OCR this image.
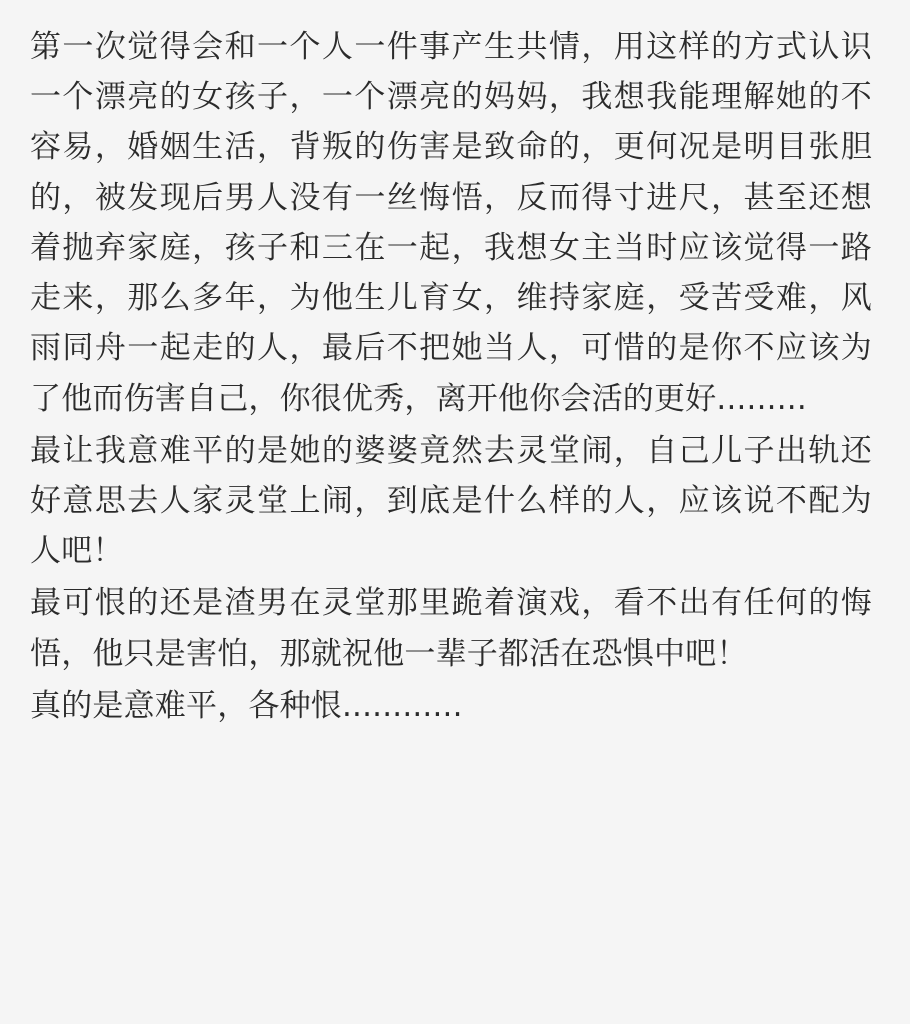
第一次觉得会和一个人一件事产生共情，用这样的方式认识一个漂亮的女孩子，一个漂亮的妈妈，我想我能理解她的不容易，婚姻生活，背叛的伤害是致命的，更何况是明目张胆的，被发现后男人没有一丝悔悟，反而得寸进尺，甚至还想着抛弃家庭，孩子和三在一起，我想女主当时应该觉得一路走来，那么多年，为他生儿育女，维持家庭，受苦受难，风雨同舟一起走的人，最后不把她当人，可惜的是你不应该为了他而伤害自己，你很优秀，离开他你会活的更好.........

最让我意难平的是她的婆婆竟然去灵堂闹，自己儿子出轨还好意思去人家灵堂上闹，到底是什么样的人，应该说不配为人吧！

最可恨的还是渣男在灵堂那里跪着演戏，看不出有任何的悔悟，他只是害怕，那就祝他一辈子都活在恐惧中吧！

真的是意难平，各种恨............
